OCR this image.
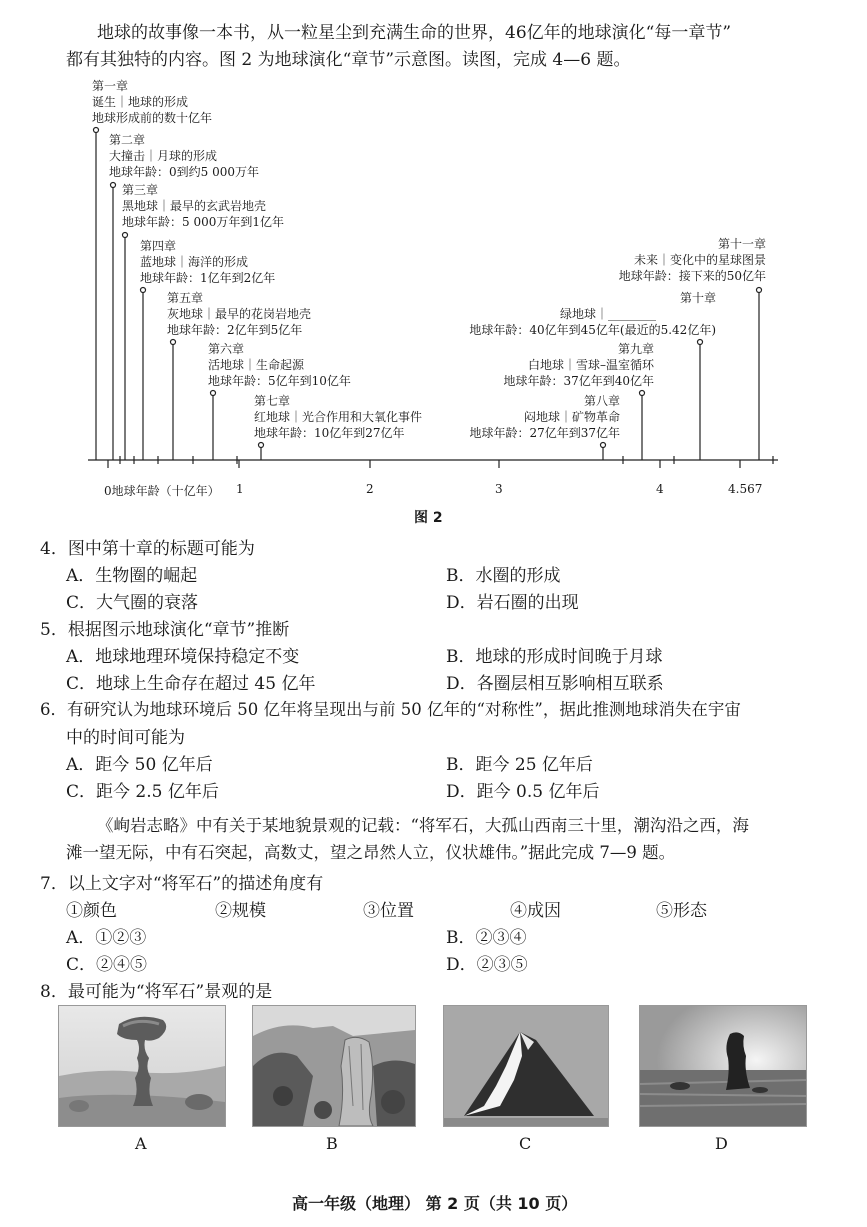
地球的故事像一本书，从一粒星尘到充满生命的世界，46亿年的地球演化“每一章节”
都有其独特的内容。图 2 为地球演化“章节”示意图。读图，完成 4—6 题。
第一章
诞生｜地球的形成
地球形成前的数十亿年
第二章
大撞击｜月球的形成
地球年龄：0到约5 000万年
第三章
黑地球｜最早的玄武岩地壳
地球年龄：5 000万年到1亿年
第四章
蓝地球｜海洋的形成
地球年龄：1亿年到2亿年
第五章
灰地球｜最早的花岗岩地壳
地球年龄：2亿年到5亿年
第六章
活地球｜生命起源
地球年龄：5亿年到10亿年
第七章
红地球｜光合作用和大氧化事件
地球年龄：10亿年到27亿年
第八章
闷地球｜矿物革命
地球年龄：27亿年到37亿年
第九章
白地球｜雪球–温室循环
地球年龄：37亿年到40亿年
第十章
绿地球｜________
地球年龄：40亿年到45亿年(最近的5.42亿年)
第十一章
未来｜变化中的星球图景
地球年龄：接下来的50亿年
0地球年龄（十亿年） 1	2	3	4	4.567
图 2
4．图中第十章的标题可能为
A．生物圈的崛起	B．水圈的形成
C．大气圈的衰落	D．岩石圈的出现
5．根据图示地球演化“章节”推断
A．地球地理环境保持稳定不变	B．地球的形成时间晚于月球
C．地球上生命存在超过 45 亿年	D．各圈层相互影响相互联系
6．有研究认为地球环境后 50 亿年将呈现出与前 50 亿年的“对称性”，据此推测地球消失在宇宙
中的时间可能为
A．距今 50 亿年后	B．距今 25 亿年后
C．距今 2.5 亿年后	D．距今 0.5 亿年后
《峋岩志略》中有关于某地貌景观的记载：“将军石，大孤山西南三十里，潮沟沿之西，海
滩一望无际，中有石突起，高数丈，望之昂然人立，仪状雄伟。”据此完成 7—9 题。
7．以上文字对“将军石”的描述角度有
①颜色	②规模	③位置	④成因	⑤形态
A．①②③	B．②③④
C．②④⑤	D．②③⑤
8．最可能为“将军石”景观的是
A	B	C	D
高一年级（地理） 第 2 页（共 10 页）
